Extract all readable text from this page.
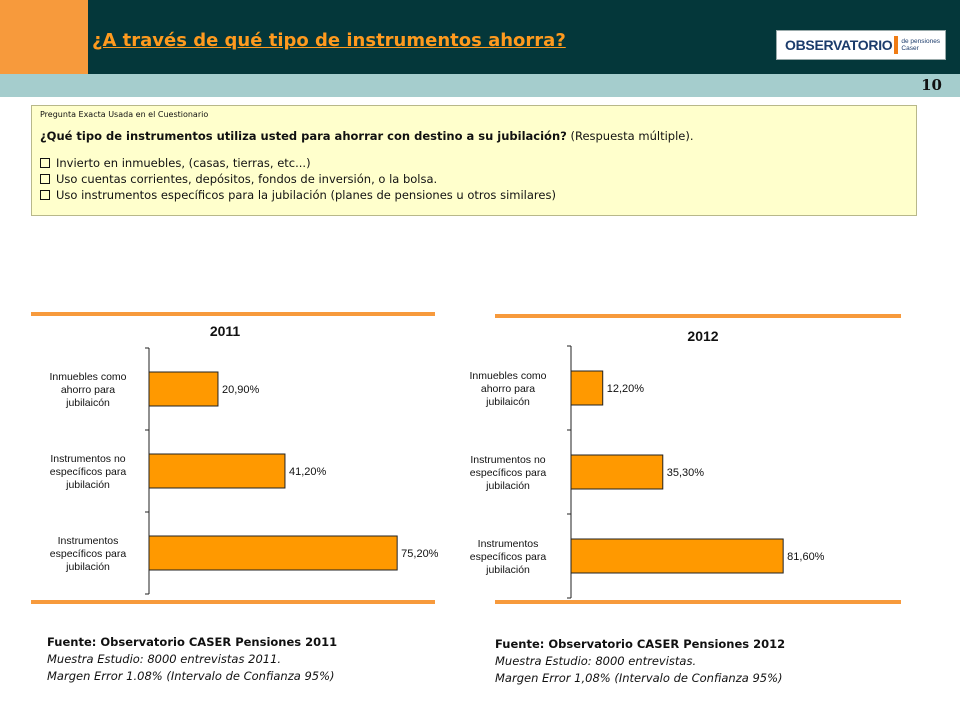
¿A través de qué tipo de instrumentos ahorra?	OBSERVATORIO de pensiones
Caser
10
Pregunta Exacta Usada en el Cuestionario
¿Qué tipo de instrumentos utiliza usted para ahorrar con destino a su jubilación? (Respuesta múltiple).
Invierto en inmuebles, (casas, tierras, etc...)
Uso cuentas corrientes, depósitos, fondos de inversión, o la bolsa.
Uso instrumentos específicos para la jubilación (planes de pensiones u otros similares)
2011
20,90%
Inmuebles como ahorro para jubilaicón
41,20%
Instrumentos no específicos para jubilación
75,20%
Instrumentos específicos para jubilación
2012
12,20%
Inmuebles como ahorro para jubilaicón
35,30%
Instrumentos no específicos para jubilación
81,60%
Instrumentos específicos para jubilación
Fuente: Observatorio CASER Pensiones 2011
Muestra Estudio: 8000 entrevistas 2011.
Margen Error 1.08% (Intervalo de Confianza 95%)
Fuente: Observatorio CASER Pensiones 2012
Muestra Estudio: 8000 entrevistas.
Margen Error 1,08% (Intervalo de Confianza 95%)
